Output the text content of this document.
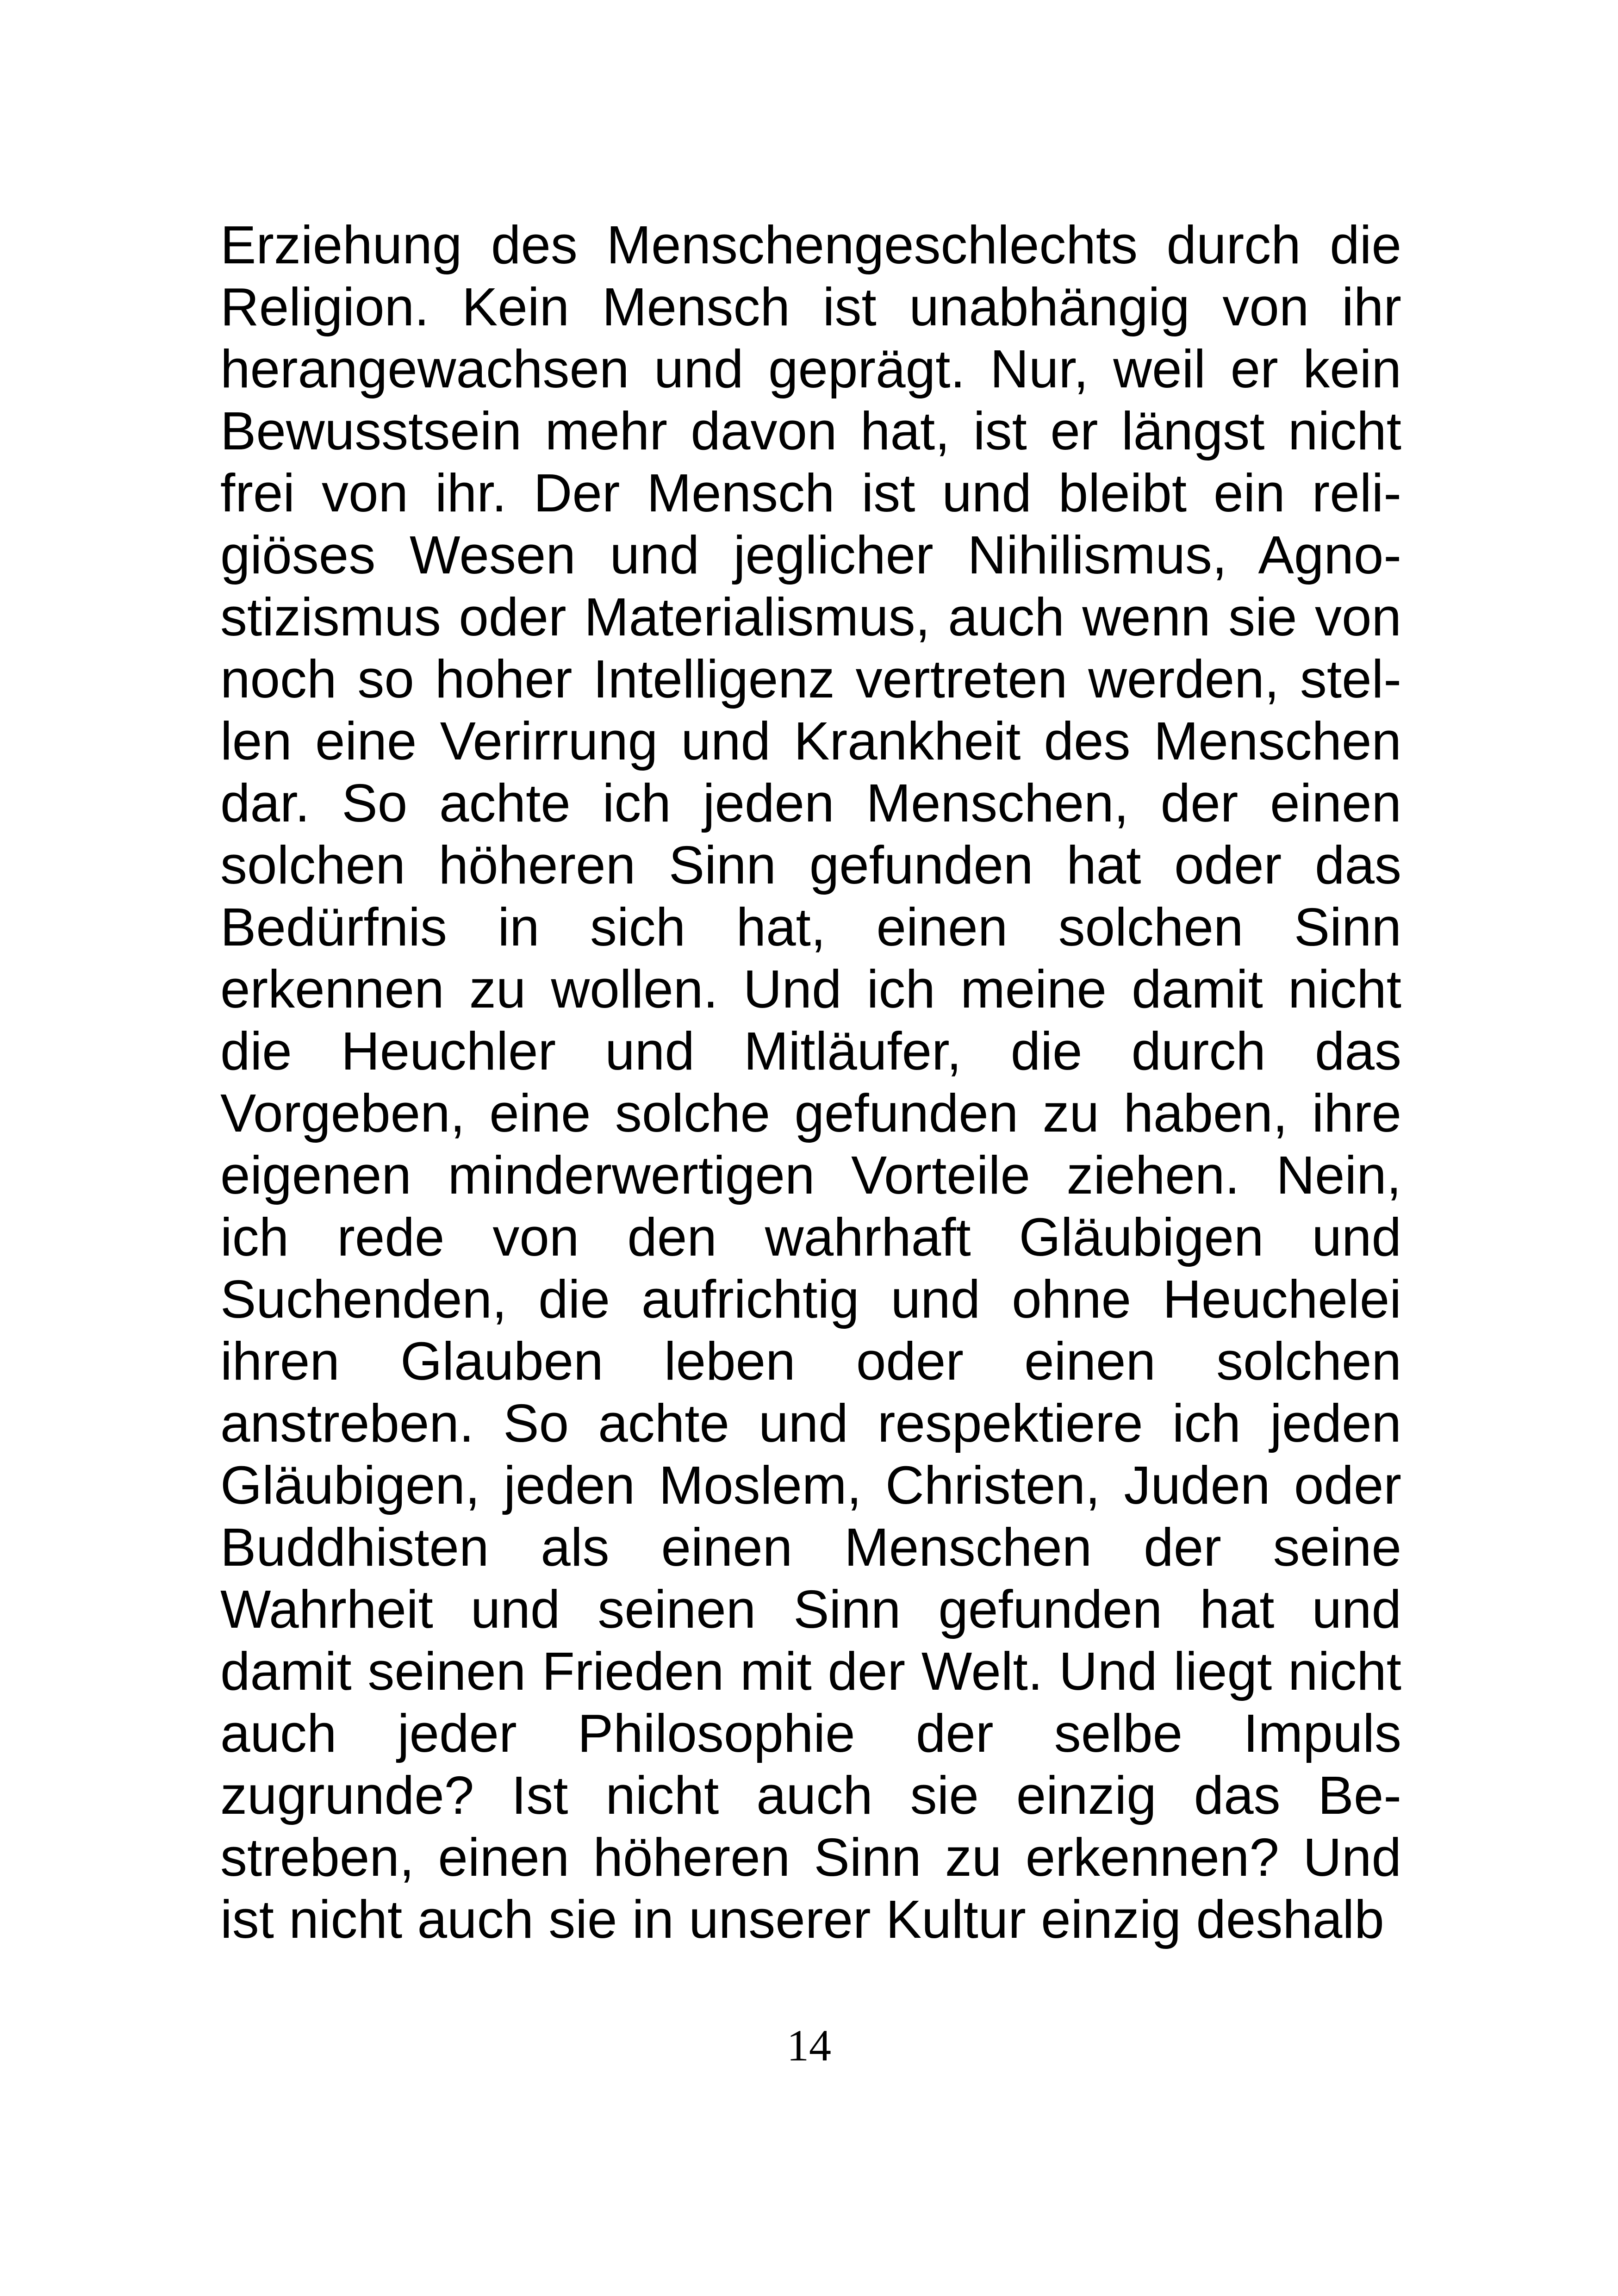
Erziehung des Menschengeschlechts durch die
Religion. Kein Mensch ist unabhängig von ihr
herangewachsen und geprägt. Nur, weil er kein
Bewusstsein mehr davon hat, ist er längst nicht
frei von ihr. Der Mensch ist und bleibt ein reli-
giöses Wesen und jeglicher Nihilismus, Agno-
stizismus oder Materialismus, auch wenn sie von
noch so hoher Intelligenz vertreten werden, stel-
len eine Verirrung und Krankheit des Menschen
dar. So achte ich jeden Menschen, der einen
solchen höheren Sinn gefunden hat oder das
Bedürfnis in sich hat, einen solchen Sinn
erkennen zu wollen. Und ich meine damit nicht
die Heuchler und Mitläufer, die durch das
Vorgeben, eine solche gefunden zu haben, ihre
eigenen minderwertigen Vorteile ziehen. Nein,
ich rede von den wahrhaft Gläubigen und
Suchenden, die aufrichtig und ohne Heuchelei
ihren Glauben leben oder einen solchen
anstreben. So achte und respektiere ich jeden
Gläubigen, jeden Moslem, Christen, Juden oder
Buddhisten als einen Menschen der seine
Wahrheit und seinen Sinn gefunden hat und
damit seinen Frieden mit der Welt. Und liegt nicht
auch jeder Philosophie der selbe Impuls
zugrunde? Ist nicht auch sie einzig das Be-
streben, einen höheren Sinn zu erkennen? Und
ist nicht auch sie in unserer Kultur einzig deshalb
14
